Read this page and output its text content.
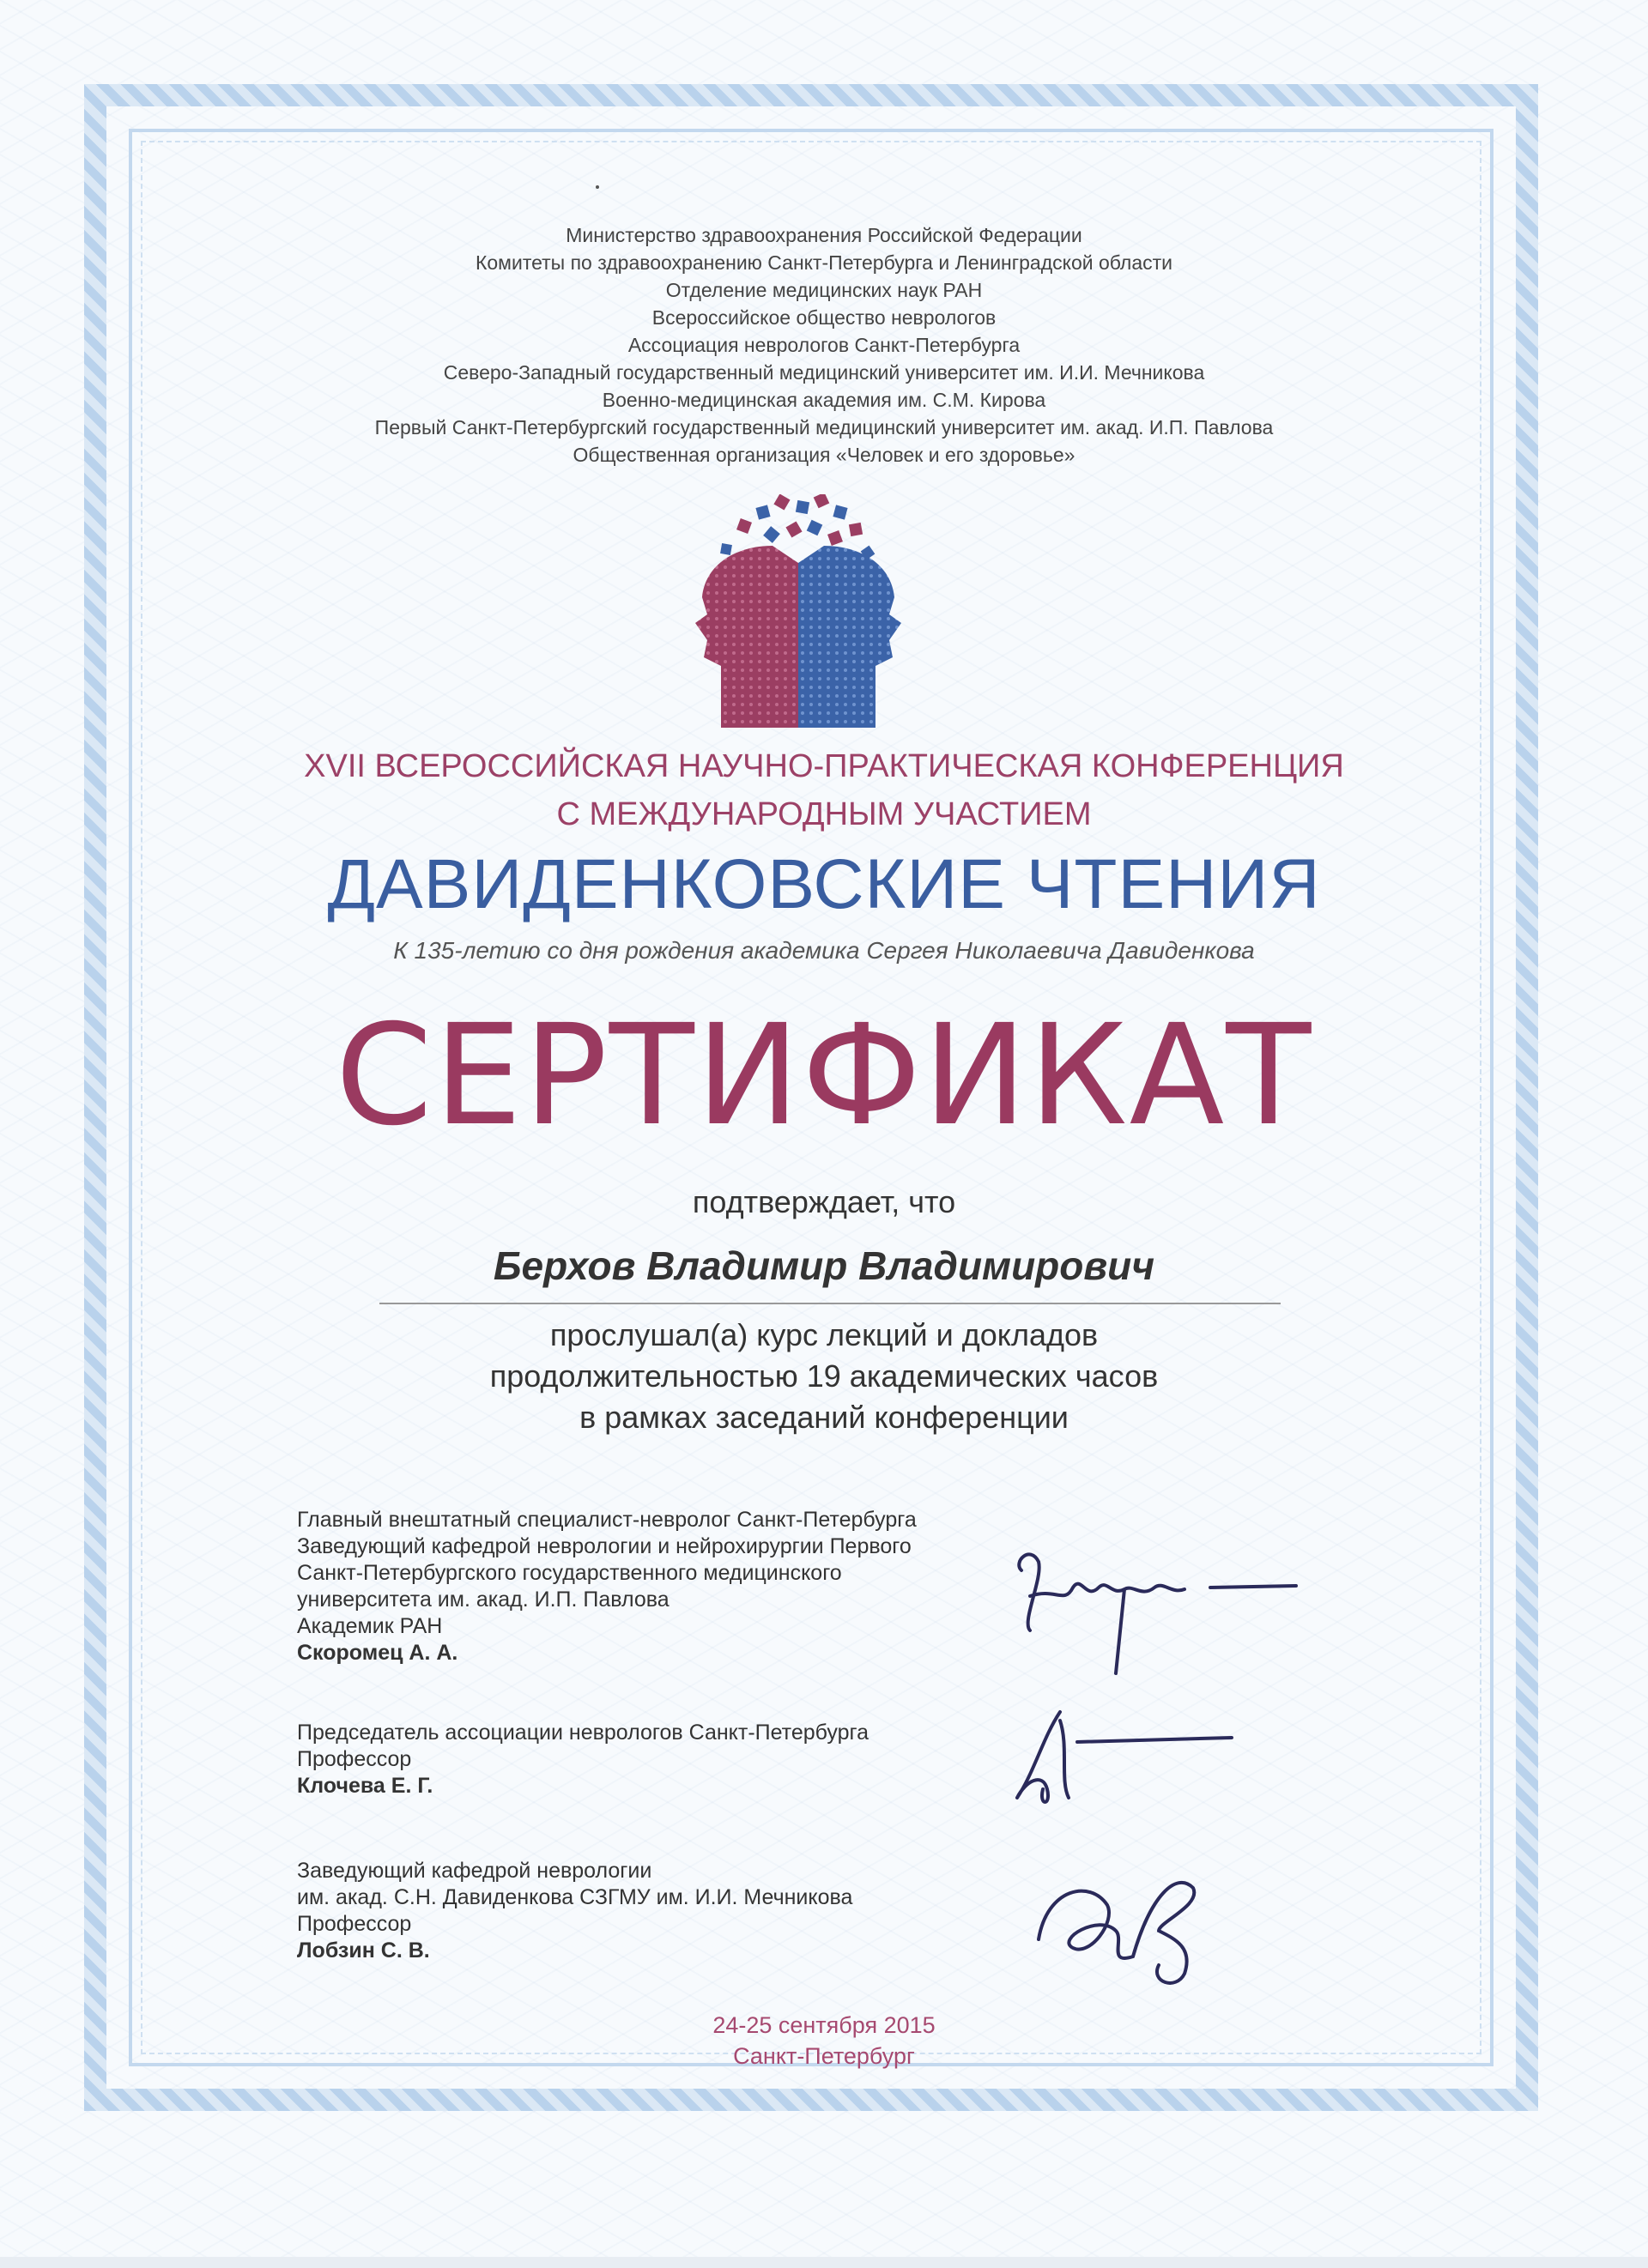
Министерство здравоохранения Российской Федерации
Комитеты по здравоохранению Санкт-Петербурга и Ленинградской области
Отделение медицинских наук РАН
Всероссийское общество неврологов
Ассоциация неврологов Санкт-Петербурга
Северо-Западный государственный медицинский университет им. И.И. Мечникова
Военно-медицинская академия им. С.М. Кирова
Первый Санкт-Петербургский государственный медицинский университет им. акад. И.П. Павлова
Общественная организация «Человек и его здоровье»
XVII ВСЕРОССИЙСКАЯ НАУЧНО-ПРАКТИЧЕСКАЯ КОНФЕРЕНЦИЯ
С МЕЖДУНАРОДНЫМ УЧАСТИЕМ
ДАВИДЕНКОВСКИЕ ЧТЕНИЯ
К 135-летию со дня рождения академика Сергея Николаевича Давиденкова
СЕРТИФИКАТ
подтверждает, что
Берхов Владимир Владимирович
прослушал(а) курс лекций и докладов
продолжительностью 19 академических часов
в рамках заседаний конференции
Главный внештатный специалист-невролог Санкт-Петербурга
Заведующий кафедрой неврологии и нейрохирургии Первого
Санкт-Петербургского государственного медицинского
университета им. акад. И.П. Павлова
Академик РАН
Скоромец А. А.
Председатель ассоциации неврологов Санкт-Петербурга
Профессор
Клочева Е. Г.
Заведующий кафедрой неврологии
им. акад. С.Н. Давиденкова СЗГМУ им. И.И. Мечникова
Профессор
Лобзин С. В.
24-25 сентября 2015
Санкт-Петербург
